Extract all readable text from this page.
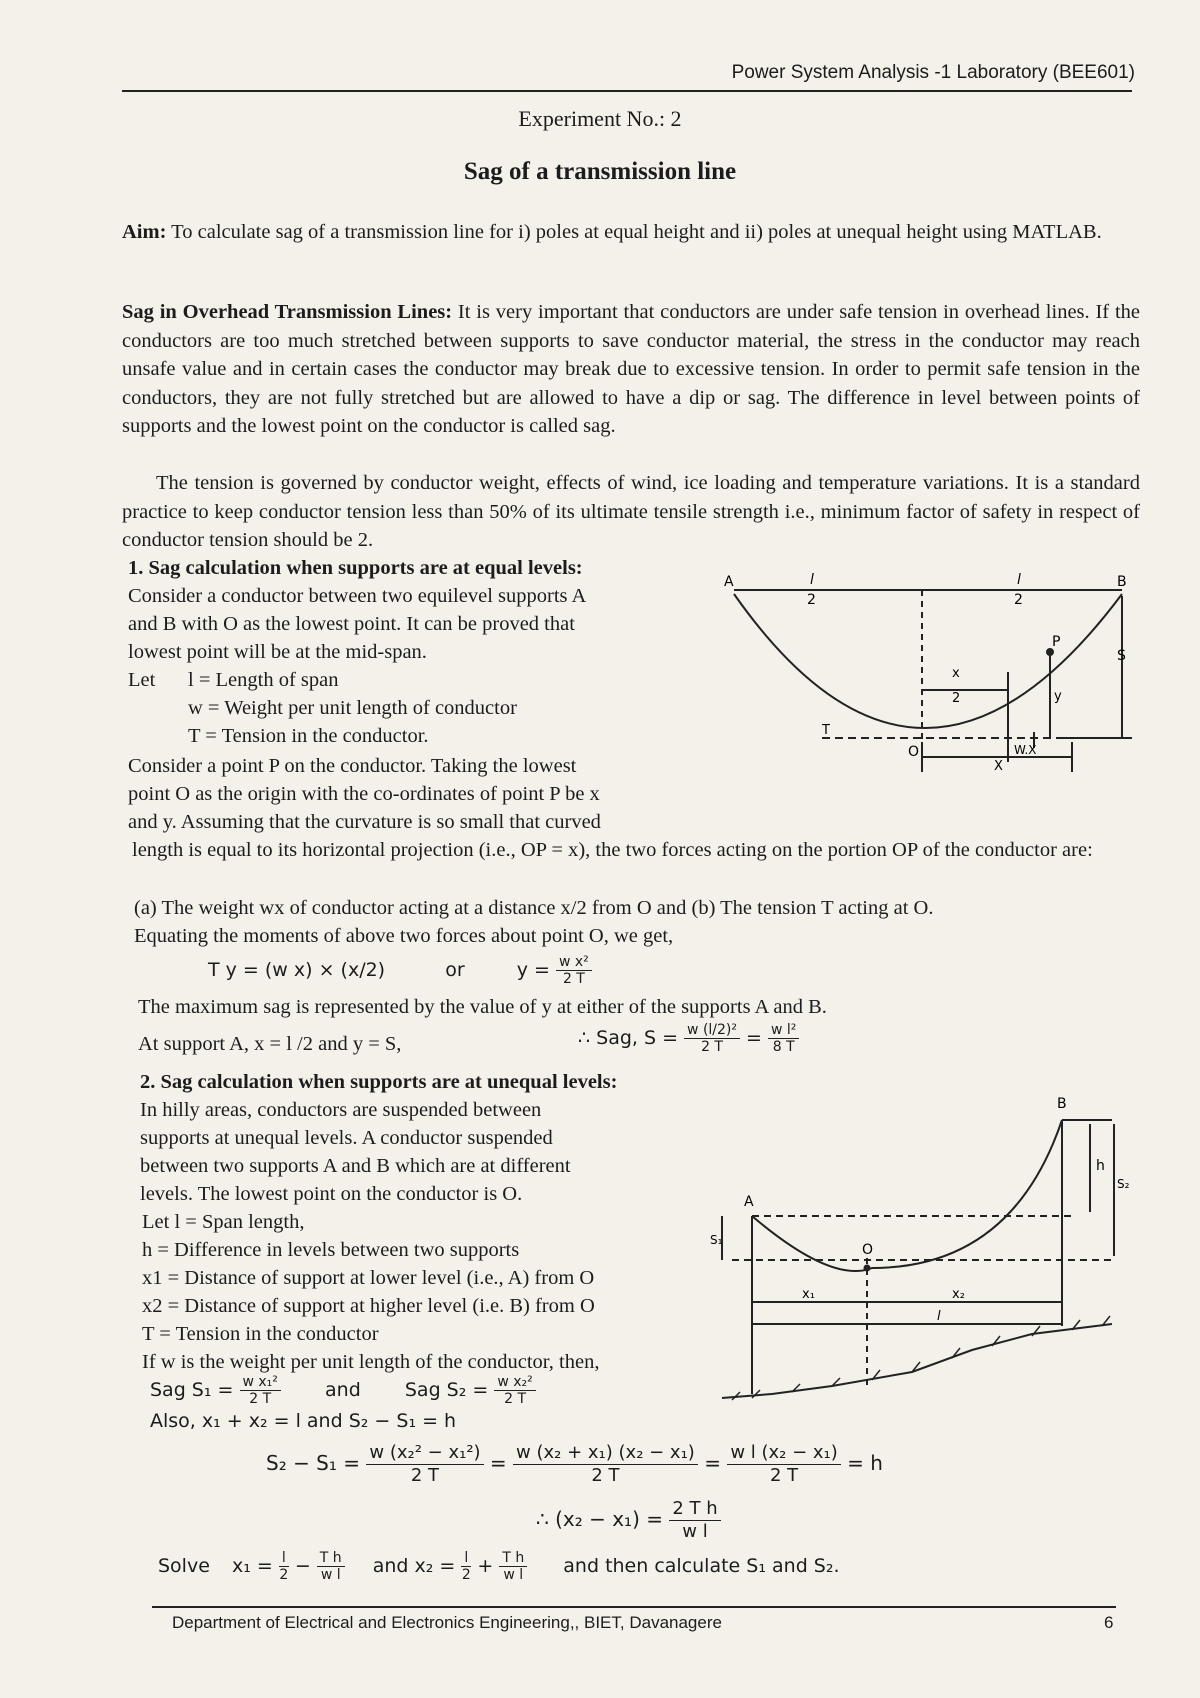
Power System Analysis -1 Laboratory (BEE601)
Experiment No.: 2
Sag of a transmission line
Aim: To calculate sag of a transmission line for i) poles at equal height and ii) poles at unequal height using MATLAB.
Sag in Overhead Transmission Lines: It is very important that conductors are under safe tension in overhead lines. If the conductors are too much stretched between supports to save conductor material, the stress in the conductor may reach unsafe value and in certain cases the conductor may break due to excessive tension. In order to permit safe tension in the conductors, they are not fully stretched but are allowed to have a dip or sag. The difference in level between points of supports and the lowest point on the conductor is called sag.
The tension is governed by conductor weight, effects of wind, ice loading and temperature variations. It is a standard practice to keep conductor tension less than 50% of its ultimate tensile strength i.e., minimum factor of safety in respect of conductor tension should be 2.
1. Sag calculation when supports are at equal levels:
Consider a conductor between two equilevel supports A
and B with O as the lowest point. It can be proved that
lowest point will be at the mid-span.
Let l = Length of span
w = Weight per unit length of conductor
T = Tension in the conductor.
Consider a point P on the conductor. Taking the lowest
point O as the origin with the co-ordinates of point P be x
and y. Assuming that the curvature is so small that curved
length is equal to its horizontal projection (i.e., OP = x), the two forces acting on the portion OP of the conductor are:
(a) The weight wx of conductor acting at a distance x/2 from O and (b) The tension T acting at O.
Equating the moments of above two forces about point O, we get,
T y = (w x) × (x/2)	or	$y = \frac{\text{w x²}}{2 T}$
The maximum sag is represented by the value of y at either of the supports A and B.
At support A, x = l /2 and y = S,	∴ Sag, $S = \frac{\text{w (l/2)²}}{2 T} = \frac{\text{w l²}}{8 T}$
A	B
l
2
l
2
x
2
P
S
y
T
O	W.X
X
2. Sag calculation when supports are at unequal levels:
In hilly areas, conductors are suspended between
supports at unequal levels. A conductor suspended
between two supports A and B which are at different
levels. The lowest point on the conductor is O.
Let l = Span length,
h = Difference in levels between two supports
x1 = Distance of support at lower level (i.e., A) from O
x2 = Distance of support at higher level (i.e. B) from O
T = Tension in the conductor
If w is the weight per unit length of the conductor, then,
Sag $S_1 = \frac{\text{w x₁²}}{2 T}$ and Sag $S_2 = \frac{\text{w x₂²}}{2 T}$
Also, x₁ + x₂ = l and S₂ − S₁ = h
$S_2 - S_1 = \frac{\text{w (x₂² − x₁²)}}{2 T} = \frac{\text{w (x₂ + x₁) (x₂ − x₁)}}{2 T} = \frac{\text{w l (x₂ − x₁)}}{2 T} = h$
∴ $(x_2 - x_1) = \frac{\text{2 T h}}{\text{w l}}$
Solve $x_1 = \frac{l}{2} - \frac{\text{T h}}{\text{w l}}$ and $x_2 = \frac{l}{2} + \frac{\text{T h}}{\text{w l}}$ and then calculate S₁ and S₂.
A
B
O
h
S₂
S₁
x₁	x₂
l
Department of Electrical and Electronics Engineering,, BIET, Davanagere	6
